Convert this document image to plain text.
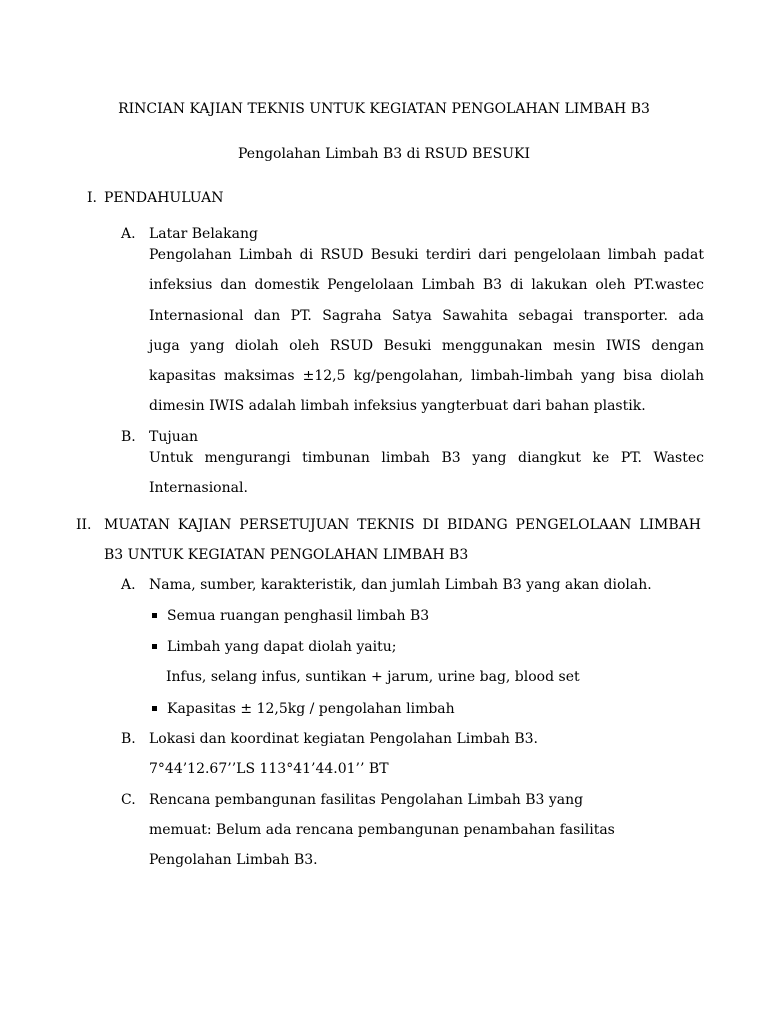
RINCIAN KAJIAN TEKNIS UNTUK KEGIATAN PENGOLAHAN LIMBAH B3
Pengolahan Limbah B3 di RSUD BESUKI
I. PENDAHULUAN
A. Latar Belakang
Pengolahan Limbah di RSUD Besuki terdiri dari pengelolaan limbah padat
infeksius dan domestik Pengelolaan Limbah B3 di lakukan oleh PT.wastec
Internasional dan PT. Sagraha Satya Sawahita sebagai transporter. ada
juga yang diolah oleh RSUD Besuki menggunakan mesin IWIS dengan
kapasitas maksimas ±12,5 kg/pengolahan, limbah-limbah yang bisa diolah
dimesin IWIS adalah limbah infeksius yangterbuat dari bahan plastik.
B. Tujuan
Untuk mengurangi timbunan limbah B3 yang diangkut ke PT. Wastec
Internasional.
II. MUATAN KAJIAN PERSETUJUAN TEKNIS DI BIDANG PENGELOLAAN LIMBAH
B3 UNTUK KEGIATAN PENGOLAHAN LIMBAH B3
A. Nama, sumber, karakteristik, dan jumlah Limbah B3 yang akan diolah.
Semua ruangan penghasil limbah B3
Limbah yang dapat diolah yaitu;
Infus, selang infus, suntikan + jarum, urine bag, blood set
Kapasitas ± 12,5kg / pengolahan limbah
B. Lokasi dan koordinat kegiatan Pengolahan Limbah B3.
7°44’12.67’’LS 113°41’44.01’’ BT
C. Rencana pembangunan fasilitas Pengolahan Limbah B3 yang
memuat: Belum ada rencana pembangunan penambahan fasilitas
Pengolahan Limbah B3.
